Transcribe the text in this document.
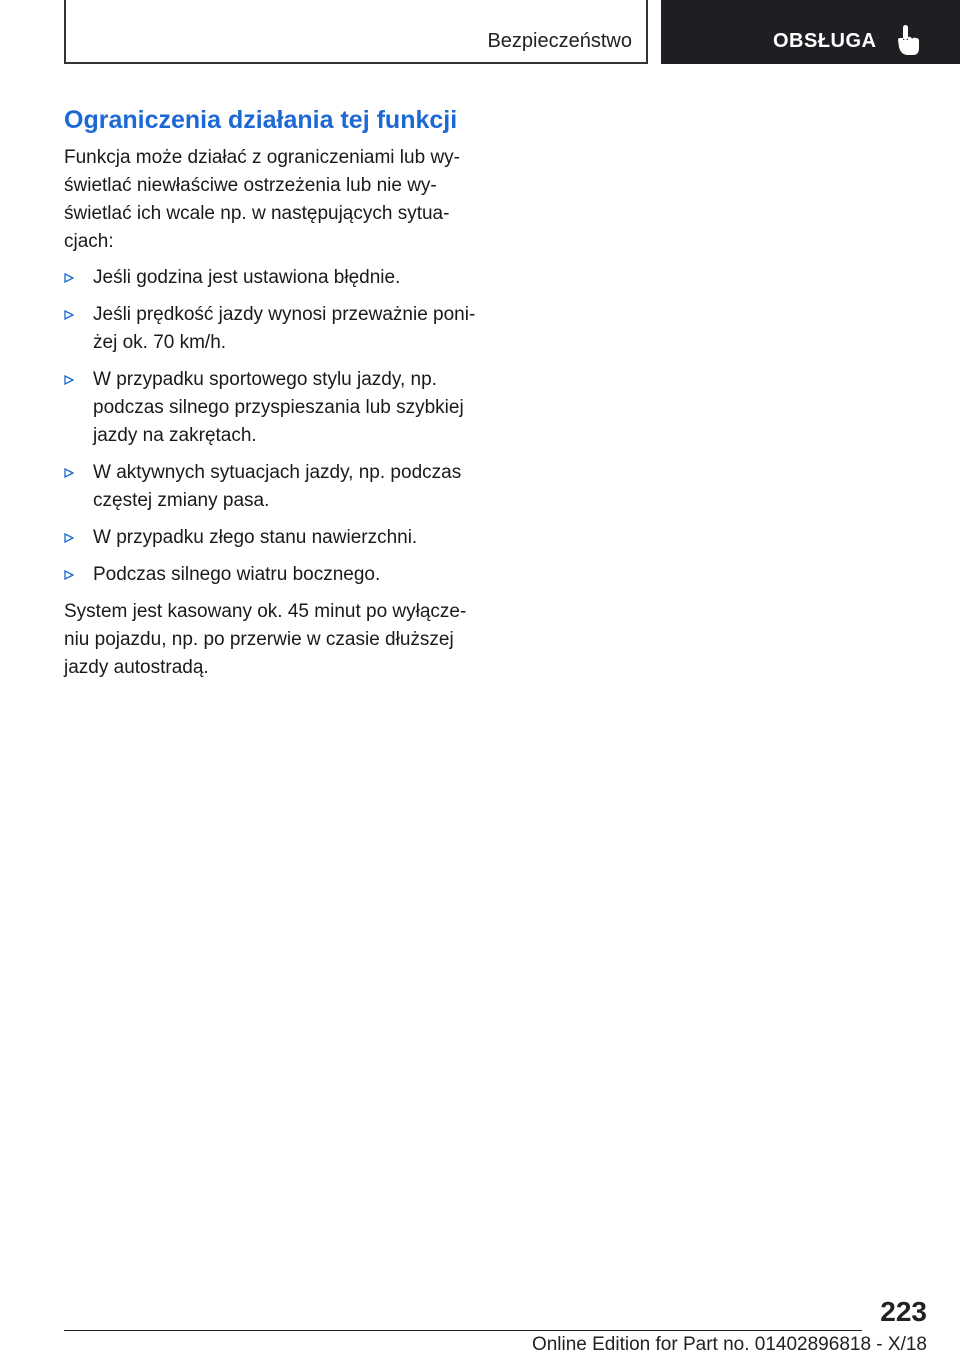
Bezpieczeństwo	OBSŁUGA
Ograniczenia działania tej funkcji

Funkcja może działać z ograniczeniami lub wy-
świetlać niewłaściwe ostrzeżenia lub nie wy-
świetlać ich wcale np. w następujących sytua-
cjach:

Jeśli godzina jest ustawiona błędnie.
Jeśli prędkość jazdy wynosi przeważnie poni-
żej ok. 70 km/h.
W przypadku sportowego stylu jazdy, np.
podczas silnego przyspieszania lub szybkiej
jazdy na zakrętach.
W aktywnych sytuacjach jazdy, np. podczas
częstej zmiany pasa.
W przypadku złego stanu nawierzchni.
Podczas silnego wiatru bocznego.

System jest kasowany ok. 45 minut po wyłącze-
niu pojazdu, np. po przerwie w czasie dłuższej
jazdy autostradą.

223
Online Edition for Part no. 01402896818 - X/18
